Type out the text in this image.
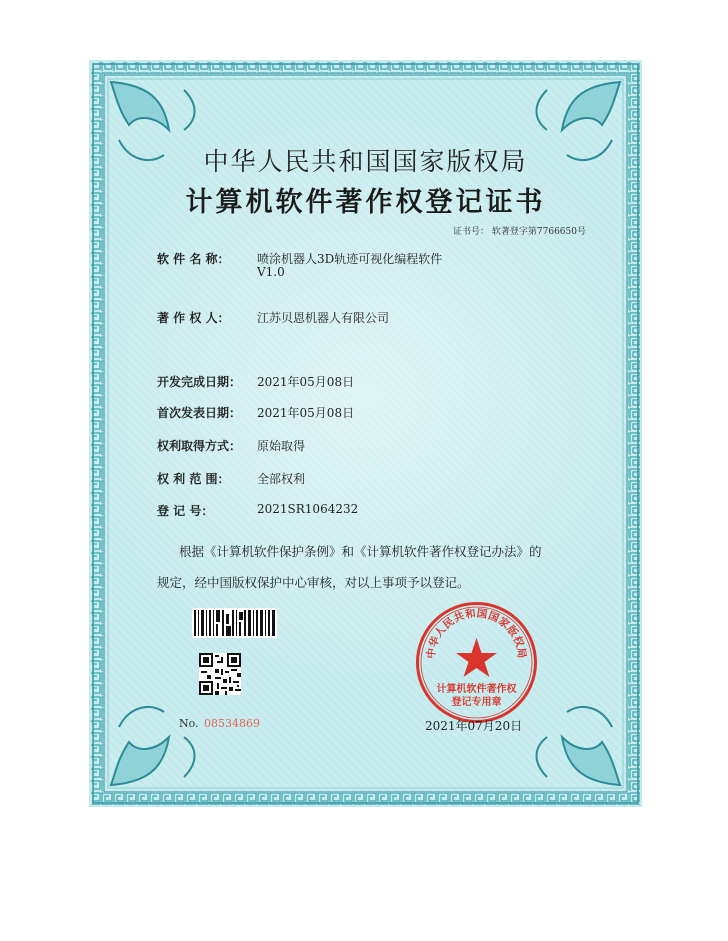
中华人民共和国国家版权局
计算机软件著作权登记证书
证书号： 软著登字第7766650号
软 件 名 称： 喷涂机器人3D轨迹可视化编程软件
V1.0
著 作 权 人： 江苏贝恩机器人有限公司
开发完成日期： 2021年05月08日
首次发表日期： 2021年05月08日
权利取得方式： 原始取得
权 利 范 围： 全部权利
登 记 号：	2021SR1064232
根据《计算机软件保护条例》和《计算机软件著作权登记办法》的
规定，经中国版权保护中心审核，对以上事项予以登记。
No. 08534869
中华人民共和国国家版权局
计算机软件著作权
登记专用章
2021年07月20日
